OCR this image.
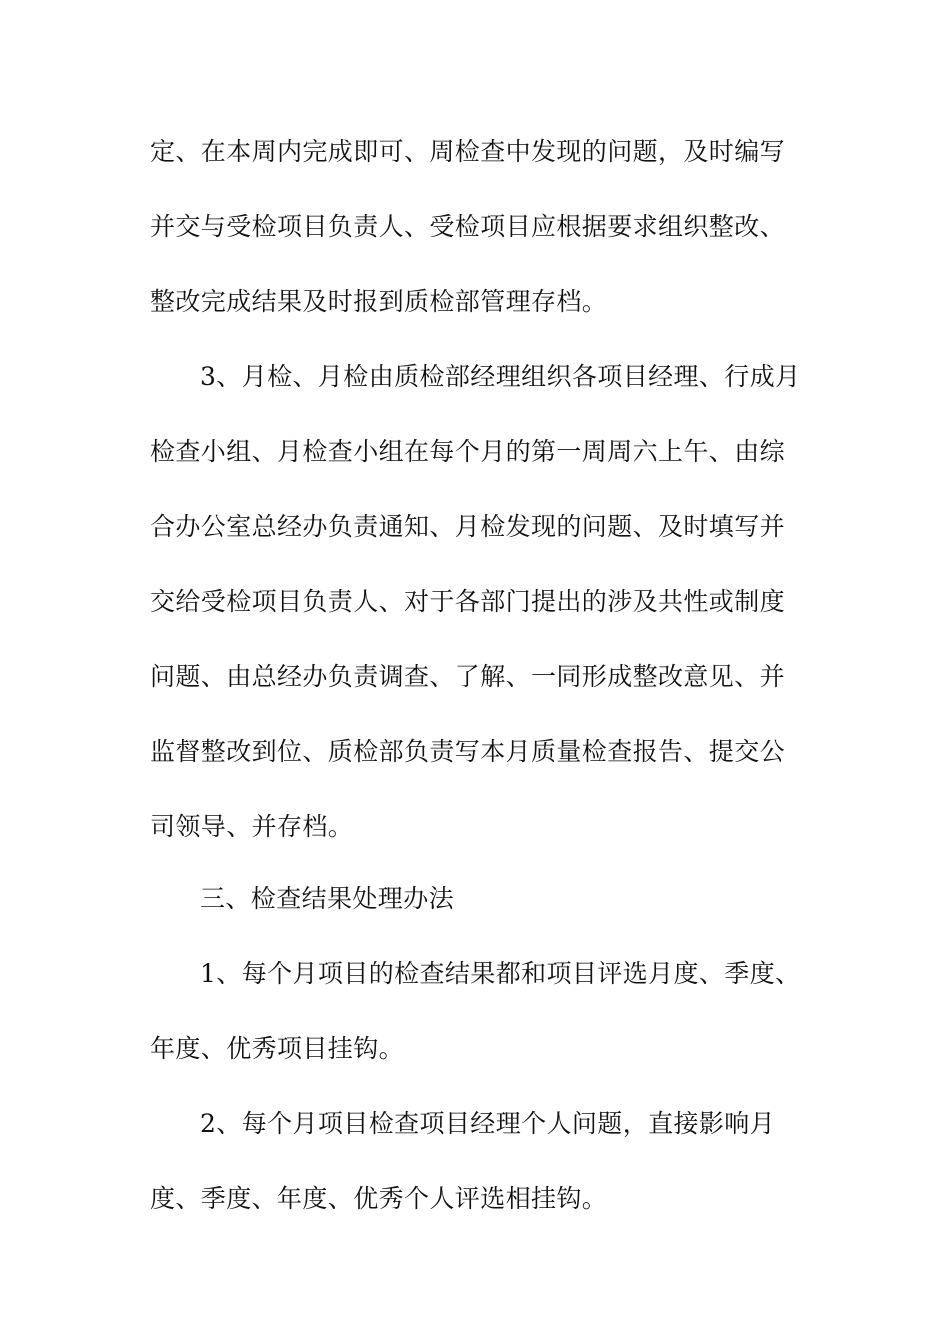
定、在本周内完成即可、周检查中发现的问题，及时编写
并交与受检项目负责人、受检项目应根据要求组织整改、
整改完成结果及时报到质检部管理存档。
3、月检、月检由质检部经理组织各项目经理、行成月
检查小组、月检查小组在每个月的第一周周六上午、由综
合办公室总经办负责通知、月检发现的问题、及时填写并
交给受检项目负责人、对于各部门提出的涉及共性或制度
问题、由总经办负责调查、了解、一同形成整改意见、并
监督整改到位、质检部负责写本月质量检查报告、提交公
司领导、并存档。
三、检查结果处理办法
1、每个月项目的检查结果都和项目评选月度、季度、
年度、优秀项目挂钩。
2、每个月项目检查项目经理个人问题，直接影响月
度、季度、年度、优秀个人评选相挂钩。
